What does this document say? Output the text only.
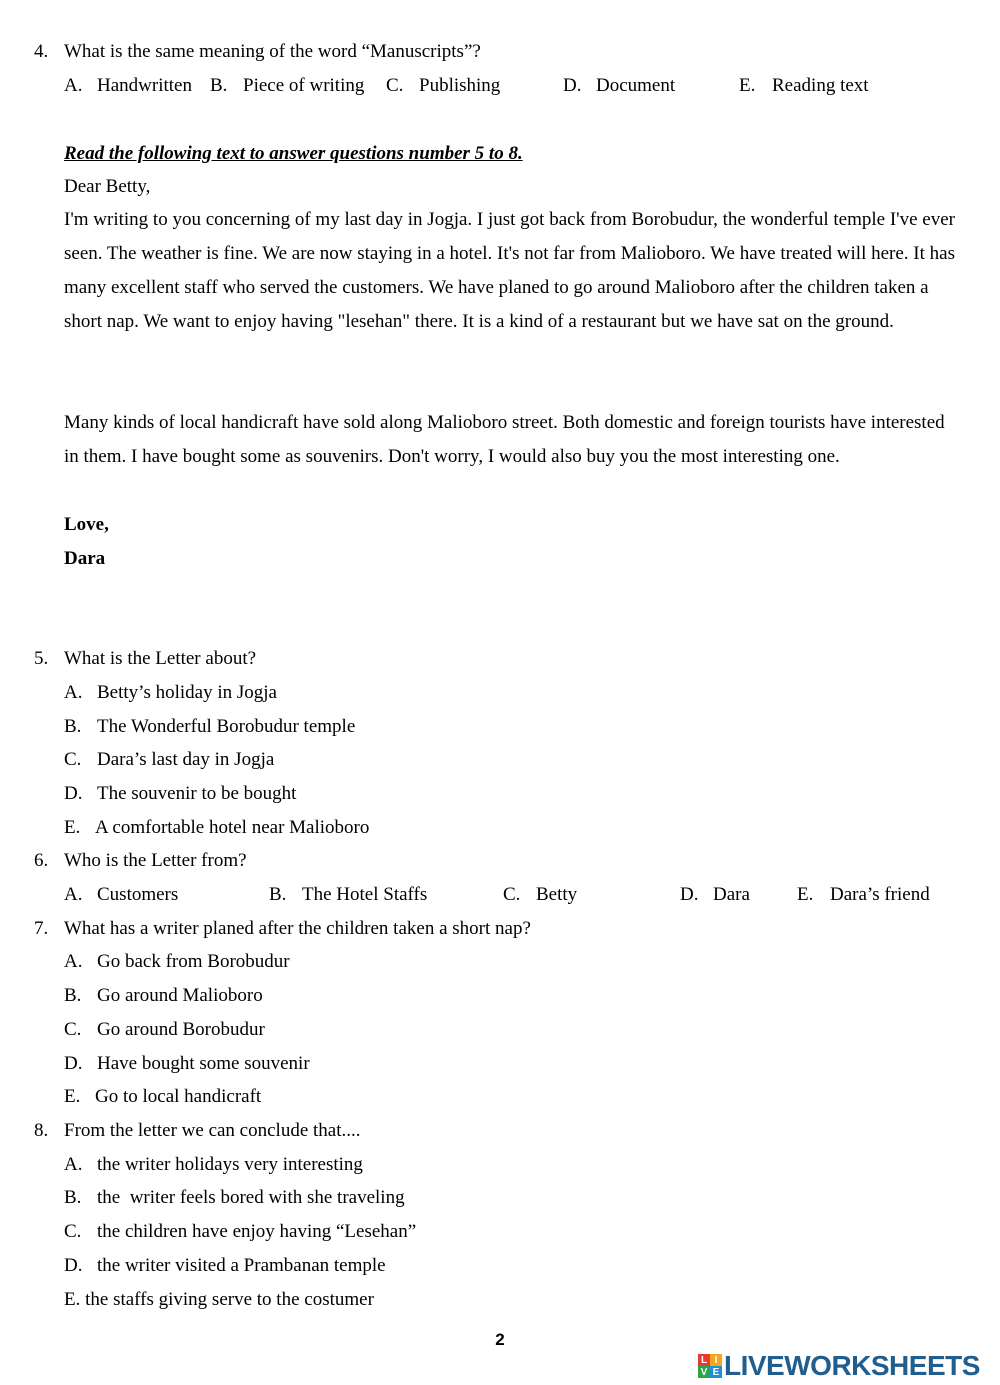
4. What is the same meaning of the word “Manuscripts”?
A. Handwritten B. Piece of writing C. Publishing	D. Document	E. Reading text
Read the following text to answer questions number 5 to 8.
Dear Betty,
I'm writing to you concerning of my last day in Jogja. I just got back from Borobudur, the wonderful temple I've ever seen. The weather is fine. We are now staying in a hotel. It's not far from Malioboro. We have treated will here. It has many excellent staff who served the customers. We have planed to go around Malioboro after the children taken a short nap. We want to enjoy having "lesehan" there. It is a kind of a restaurant but we have sat on the ground.
Many kinds of local handicraft have sold along Malioboro street. Both domestic and foreign tourists have interested in them. I have bought some as souvenirs. Don't worry, I would also buy you the most interesting one.
Love,
Dara
5. What is the Letter about?
A. Betty’s holiday in Jogja
B. The Wonderful Borobudur temple
C. Dara’s last day in Jogja
D. The souvenir to be bought
E. A comfortable hotel near Malioboro
6. Who is the Letter from?
A. Customers	B. The Hotel Staffs	C. Betty	D. Dara E. Dara’s friend
7. What has a writer planed after the children taken a short nap?
A. Go back from Borobudur
B. Go around Malioboro
C. Go around Borobudur
D. Have bought some souvenir
E. Go to local handicraft
8. From the letter we can conclude that....
A. the writer holidays very interesting
B. the  writer feels bored with she traveling
C. the children have enjoy having “Lesehan”
D. the writer visited a Prambanan temple
E. the staffs giving serve to the costumer
2
L I
V E LIVEWORKSHEETS
